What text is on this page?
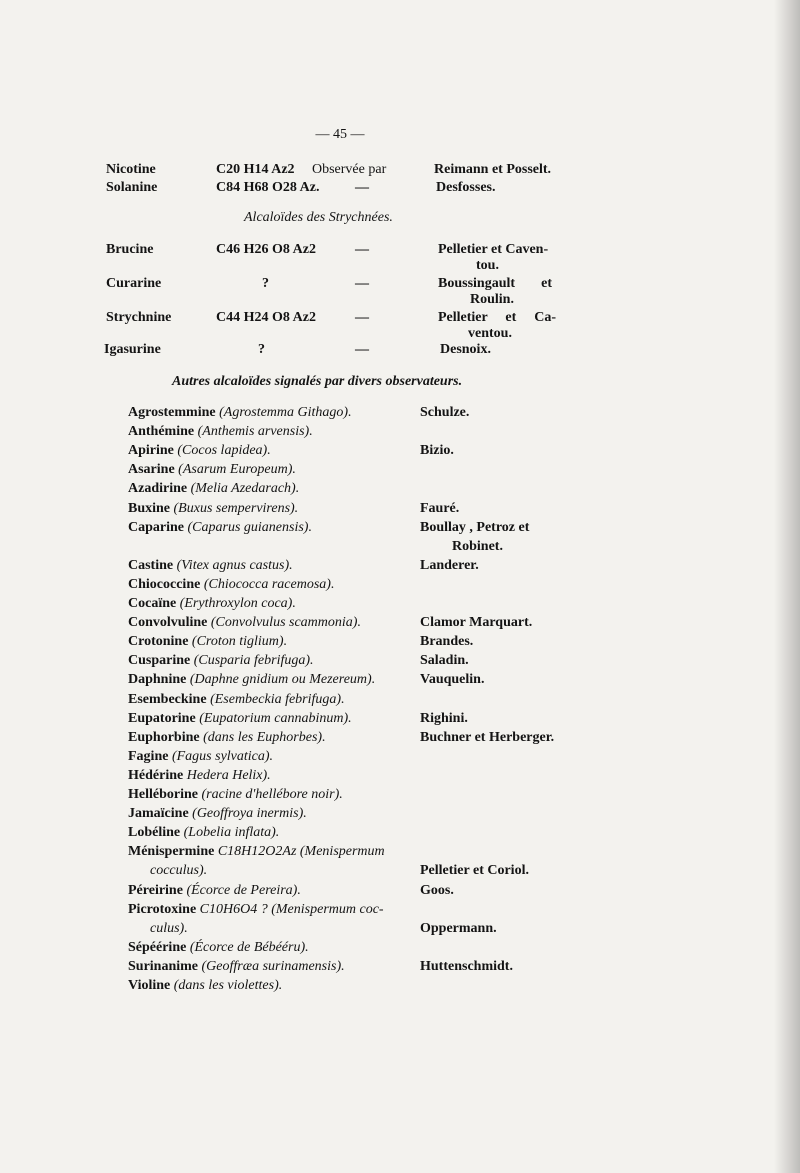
— 45 —
Nicotine	C20 H14 Az2 Observée par	Reimann et Posselt.
Solanine	C84 H68 O28 Az.	—	Desfosses.
Alcaloïdes des Strychnées.
Brucine	C46 H26 O8 Az2	—	Pelletier et Caven-
tou.
Curarine	?	—	Boussingault et
Roulin.
Strychnine	C44 H24 O8 Az2	—	Pelletier et Ca-
ventou.
Igasurine	?	—	Desnoix.
Autres alcaloïdes signalés par divers observateurs.
Agrostemmine (Agrostemma Githago).	Schulze.
Anthémine (Anthemis arvensis).
Apirine (Cocos lapidea).	Bizio.
Asarine (Asarum Europeum).
Azadirine (Melia Azedarach).
Buxine (Buxus sempervirens).	Fauré.
Caparine (Caparus guianensis).	Boullay , Petroz et
Robinet.
Castine (Vitex agnus castus).	Landerer.
Chiococcine (Chiococca racemosa).
Cocaïne (Erythroxylon coca).
Convolvuline (Convolvulus scammonia).	Clamor Marquart.
Crotonine (Croton tiglium).	Brandes.
Cusparine (Cusparia febrifuga).	Saladin.
Daphnine (Daphne gnidium ou Mezereum).	Vauquelin.
Esembeckine (Esembeckia febrifuga).
Eupatorine (Eupatorium cannabinum).	Righini.
Euphorbine (dans les Euphorbes).	Buchner et Herberger.
Fagine (Fagus sylvatica).
Hédérine Hedera Helix).
Helléborine (racine d'hellébore noir).
Jamaïcine (Geoffroya inermis).
Lobéline (Lobelia inflata).
Ménispermine C18H12O2Az (Menispermum
cocculus).	Pelletier et Coriol.
Péreirine (Écorce de Pereira).	Goos.
Picrotoxine C10H6O4 ? (Menispermum coc-
culus).	Oppermann.
Sépéérine (Écorce de Bébééru).
Surinanime (Geoffræa surinamensis).	Huttenschmidt.
Violine (dans les violettes).
